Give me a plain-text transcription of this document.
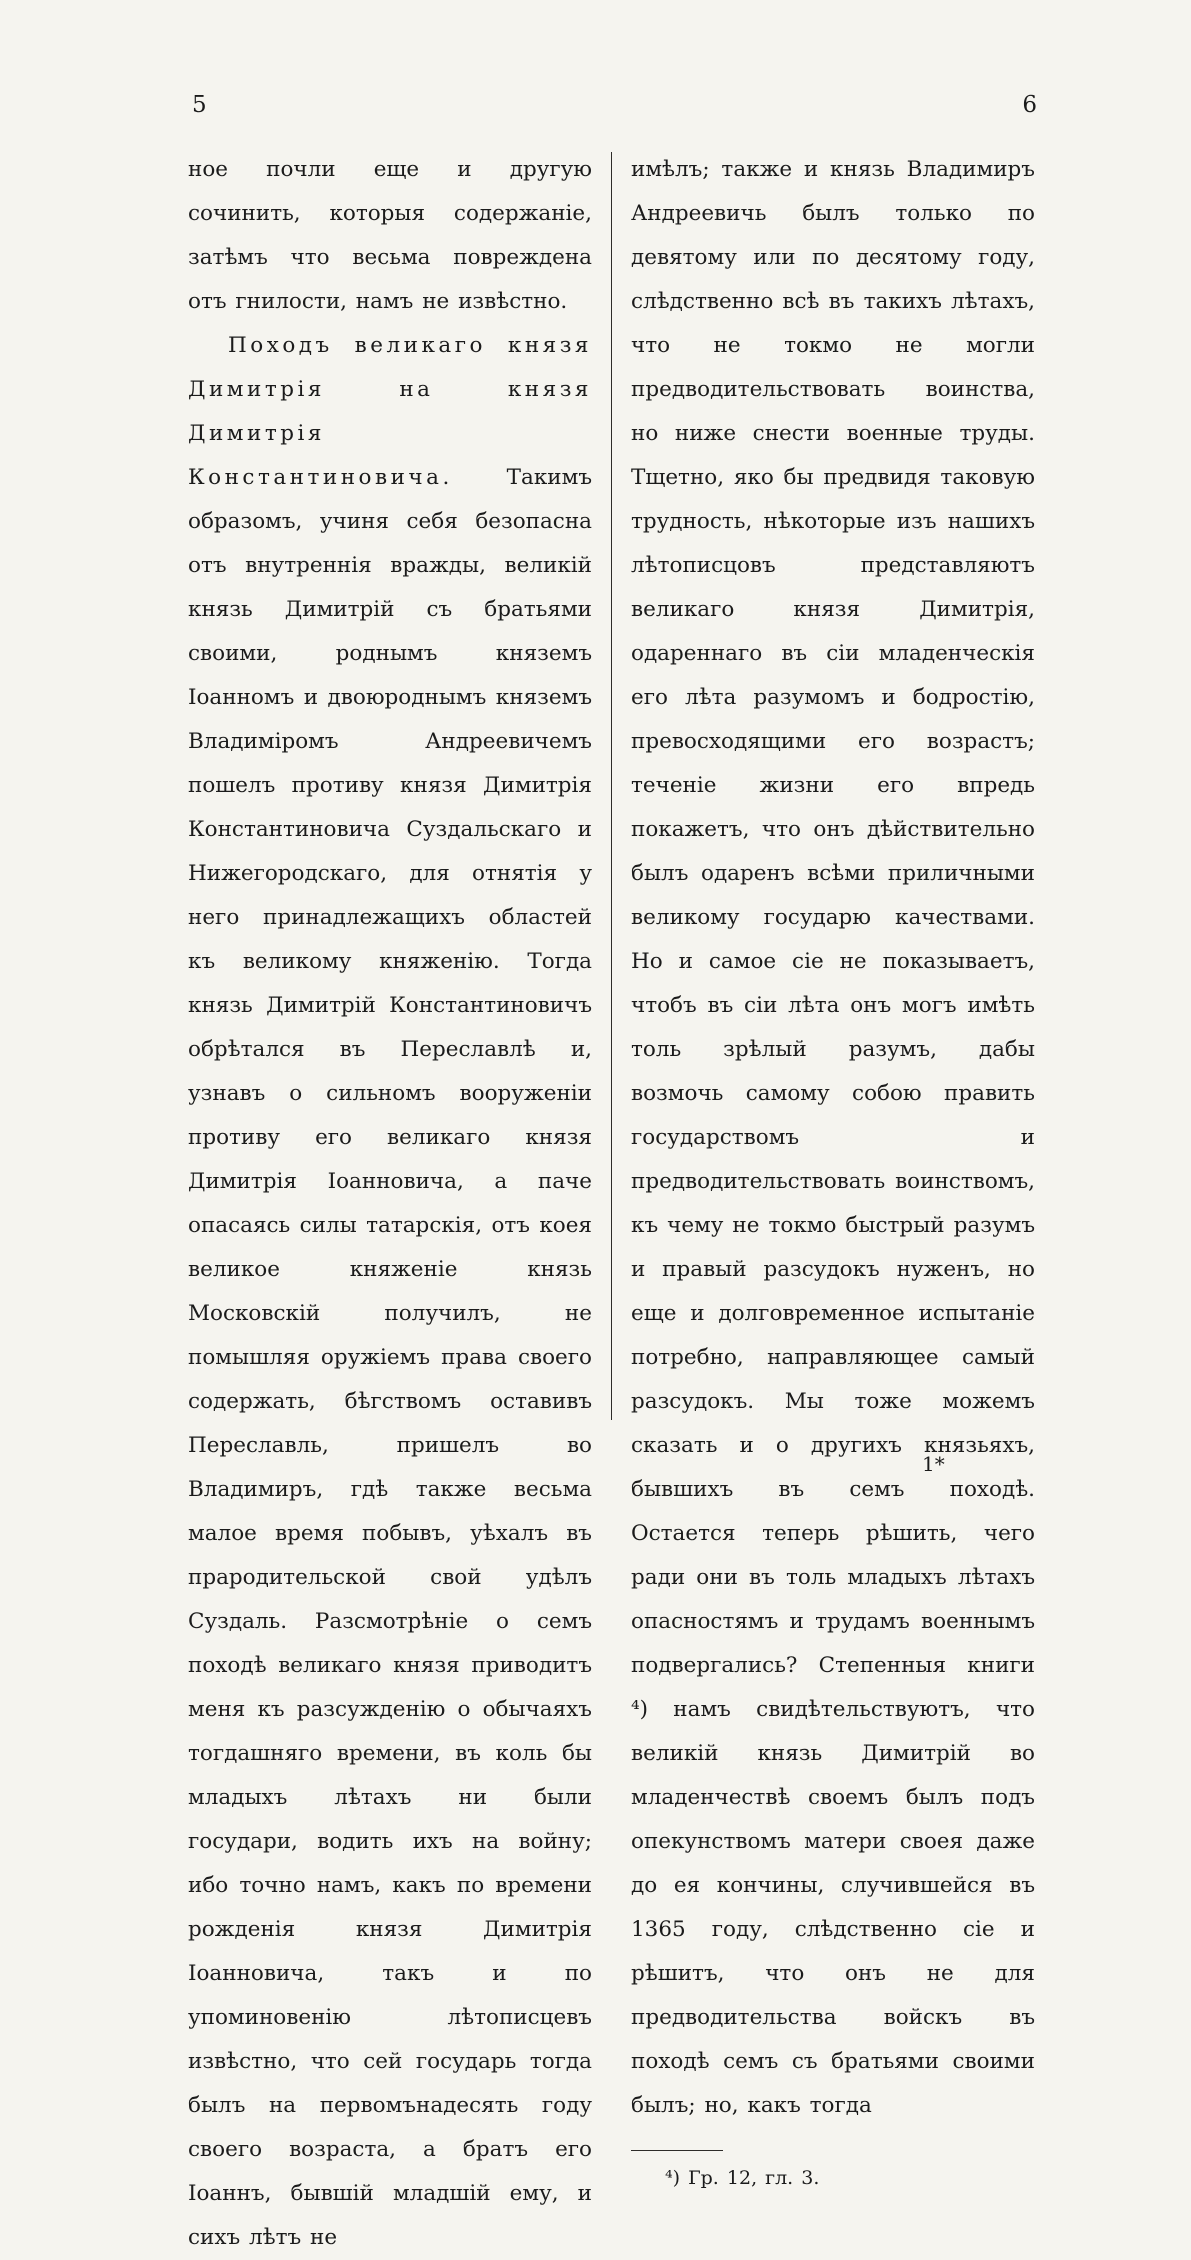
5	6

ное почли еще и другую сочинить, которыя содержаніе, затѣмъ что весьма повреждена отъ гнилости, намъ не извѣстно.

Походъ великаго князя Димитрія на князя Димитрія Константиновича.	Такимъ образомъ, учиня себя безопасна отъ внутреннія вражды, великій князь Димитрій съ братьями своими, роднымъ княземъ Іоанномъ и двоюроднымъ княземъ Владиміромъ Андреевичемъ пошелъ противу князя Димитрія Константиновича Суздальскаго и Нижегородскаго, для отнятія у него принадлежащихъ областей къ великому княженію. Тогда князь Димитрій Константиновичъ обрѣтался въ Переславлѣ и, узнавъ о сильномъ вооруженіи противу его великаго князя Димитрія Іоанновича, а паче опасаясь силы татарскія, отъ коея великое княженіе князь Московскій получилъ, не помышляя оружіемъ права своего содержать, бѣгствомъ оставивъ Переславль, пришелъ во Владимиръ, гдѣ также весьма малое время побывъ, уѣхалъ въ прародительской свой удѣлъ Суздаль. Разсмотрѣніе о семъ походѣ великаго князя приводитъ меня къ разсужденію о обычаяхъ тогдашняго времени, въ коль бы младыхъ лѣтахъ ни были государи, водить ихъ на войну; ибо точно намъ, какъ по времени рожденія князя Димитрія Іоанновича, такъ и по упоминовенію лѣтописцевъ извѣстно, что сей государь тогда былъ на первомънадесять году своего возраста, а братъ его Іоаннъ, бывшій младшій ему, и сихъ лѣтъ не

имѣлъ; также и князь Владимиръ Андреевичь былъ только по девятому или по десятому году, слѣдственно всѣ въ такихъ лѣтахъ, что не токмо не могли предводительствовать воинства, но ниже снести военные труды. Тщетно, яко бы предвидя таковую трудность, нѣкоторые изъ нашихъ лѣтописцовъ представляютъ великаго князя Димитрія, одареннаго въ сіи младенческія его лѣта разумомъ и бодростію, превосходящими его возрастъ; теченіе жизни его впредь покажетъ, что онъ дѣйствительно былъ одаренъ всѣми приличными великому государю качествами. Но и самое сіе не показываетъ, чтобъ въ сіи лѣта онъ могъ имѣть толь зрѣлый разумъ, дабы возмочь самому собою править государствомъ и предводительствовать воинствомъ, къ чему не токмо быстрый разумъ и правый разсудокъ нуженъ, но еще и долговременное испытаніе потребно, направляющее самый разсудокъ. Мы тоже можемъ сказать и о другихъ князьяхъ, бывшихъ въ семъ походѣ. Остается теперь рѣшить, чего ради они въ толь младыхъ лѣтахъ опасностямъ и трудамъ военнымъ подвергались? Степенныя книги ⁴) намъ свидѣтельствуютъ, что великій князь Димитрій во младенчествѣ своемъ былъ подъ опекунствомъ матери своея даже до ея кончины, случившейся въ 1365 году, слѣдственно сіе и рѣшитъ, что онъ не для предводительства войскъ въ походѣ семъ съ братьями своими былъ; но, какъ тогда

⁴) Гр. 12, гл. 3.

1*
